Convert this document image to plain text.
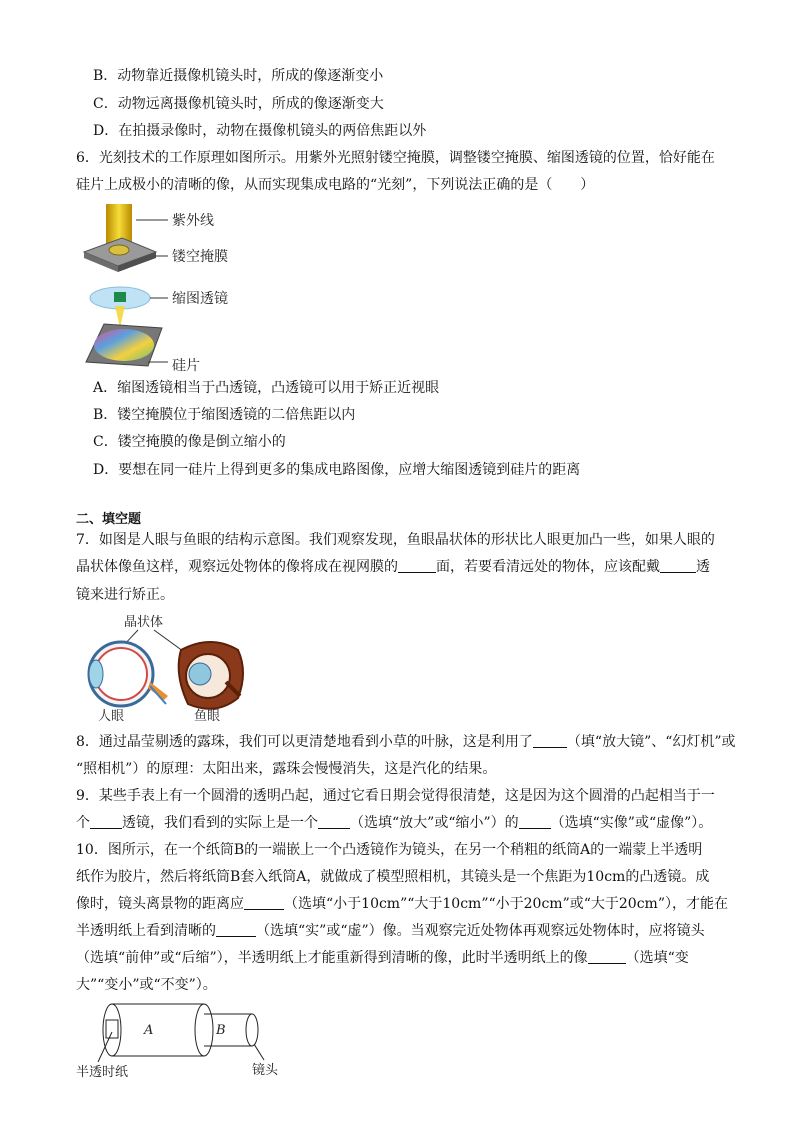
B．动物靠近摄像机镜头时，所成的像逐渐变小
C．动物远离摄像机镜头时，所成的像逐渐变大
D．在拍摄录像时，动物在摄像机镜头的两倍焦距以外
6．光刻技术的工作原理如图所示。用紫外光照射镂空掩膜，调整镂空掩膜、缩图透镜的位置，恰好能在
硅片上成极小的清晰的像，从而实现集成电路的“光刻”，下列说法正确的是（　　）
紫外线
镂空掩膜
缩图透镜
硅片
A．缩图透镜相当于凸透镜，凸透镜可以用于矫正近视眼
B．镂空掩膜位于缩图透镜的二倍焦距以内
C．镂空掩膜的像是倒立缩小的
D．要想在同一硅片上得到更多的集成电路图像，应增大缩图透镜到硅片的距离
二、填空题
7．如图是人眼与鱼眼的结构示意图。我们观察发现，鱼眼晶状体的形状比人眼更加凸一些，如果人眼的
晶状体像鱼这样，观察远处物体的像将成在视网膜的	面，若要看清远处的物体，应该配戴	透
镜来进行矫正。
晶状体
人眼	鱼眼
8．通过晶莹剔透的露珠，我们可以更清楚地看到小草的叶脉，这是利用了 （填“放大镜”、“幻灯机”或
“照相机”）的原理：太阳出来，露珠会慢慢消失，这是汽化的结果。
9．某些手表上有一个圆滑的透明凸起，通过它看日期会觉得很清楚，这是因为这个圆滑的凸起相当于一
个 透镜，我们看到的实际上是一个 （选填“放大”或“缩小”）的 （选填“实像”或“虚像”）。
10．图所示，在一个纸筒B的一端嵌上一个凸透镜作为镜头，在另一个稍粗的纸筒A的一端蒙上半透明
纸作为胶片，然后将纸筒B套入纸筒A，就做成了模型照相机，其镜头是一个焦距为10cm的凸透镜。成
像时，镜头离景物的距离应	（选填“小于10cm”“大于10cm”“小于20cm”或“大于20cm”），才能在
半透明纸上看到清晰的	（选填“实”或“虚”）像。当观察完近处物体再观察远处物体时，应将镜头
（选填“前伸”或“后缩”），半透明纸上才能重新得到清晰的像，此时半透明纸上的像	（选填“变
大”“变小”或“不变”）。
A	B
半透时纸	镜头
